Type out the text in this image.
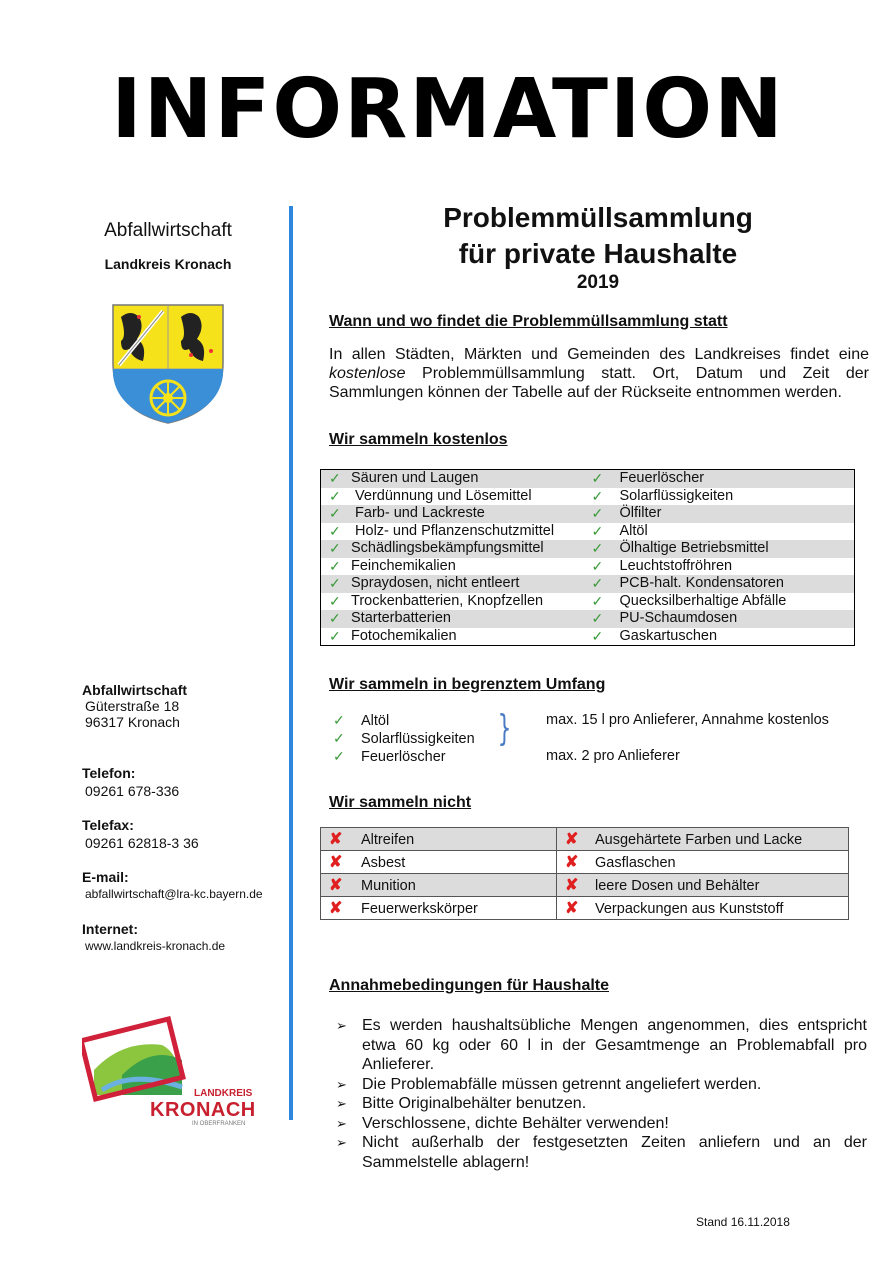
INFORMATION
Abfallwirtschaft
Landkreis Kronach
Abfallwirtschaft
Güterstraße 18
96317 Kronach
Telefon:
09261 678-336
Telefax:
09261 62818-3 36
E-mail:
abfallwirtschaft@lra-kc.bayern.de
Internet:
www.landkreis-kronach.de
LANDKREIS
KRONACH
IN OBERFRANKEN
Problemmüllsammlung
für private Haushalte
2019
Wann und wo findet die Problemmüllsammlung statt
In allen Städten, Märkten und Gemeinden des Landkreises findet eine kostenlose Problemmüllsammlung statt. Ort, Datum und Zeit der Sammlungen können der Tabelle auf der Rückseite entnommen werden.
Wir sammeln kostenlos
✓ Säuren und Laugen	✓	Feuerlöscher
✓ Verdünnung und Lösemittel	✓	Solarflüssigkeiten
✓ Farb- und Lackreste	✓	Ölfilter
✓ Holz- und Pflanzenschutzmittel	✓	Altöl
✓ Schädlingsbekämpfungsmittel	✓	Ölhaltige Betriebsmittel
✓ Feinchemikalien	✓	Leuchtstoffröhren
✓ Spraydosen, nicht entleert	✓	PCB-halt. Kondensatoren
✓ Trockenbatterien, Knopfzellen	✓	Quecksilberhaltige Abfälle
✓ Starterbatterien	✓	PU-Schaumdosen
✓ Fotochemikalien	✓	Gaskartuschen
Wir sammeln in begrenztem Umfang
✓ Altöl
✓ Solarflüssigkeiten
✓ Feuerlöscher
} max. 15 l pro Anlieferer, Annahme kostenlos
max. 2 pro Anlieferer
Wir sammeln nicht
✘ Altreifen	✘ Ausgehärtete Farben und Lacke
✘ Asbest	✘ Gasflaschen
✘ Munition	✘ leere Dosen und Behälter
✘ Feuerwerkskörper	✘ Verpackungen aus Kunststoff
Annahmebedingungen für Haushalte
➢ Es werden haushaltsübliche Mengen angenommen, dies entspricht etwa 60 kg oder 60 l in der Gesamtmenge an Problemabfall pro Anlieferer.
➢ Die Problemabfälle müssen getrennt angeliefert werden.
➢ Bitte Originalbehälter benutzen.
➢ Verschlossene, dichte Behälter verwenden!
➢ Nicht außerhalb der festgesetzten Zeiten anliefern und an der Sammelstelle ablagern!
Stand 16.11.2018
